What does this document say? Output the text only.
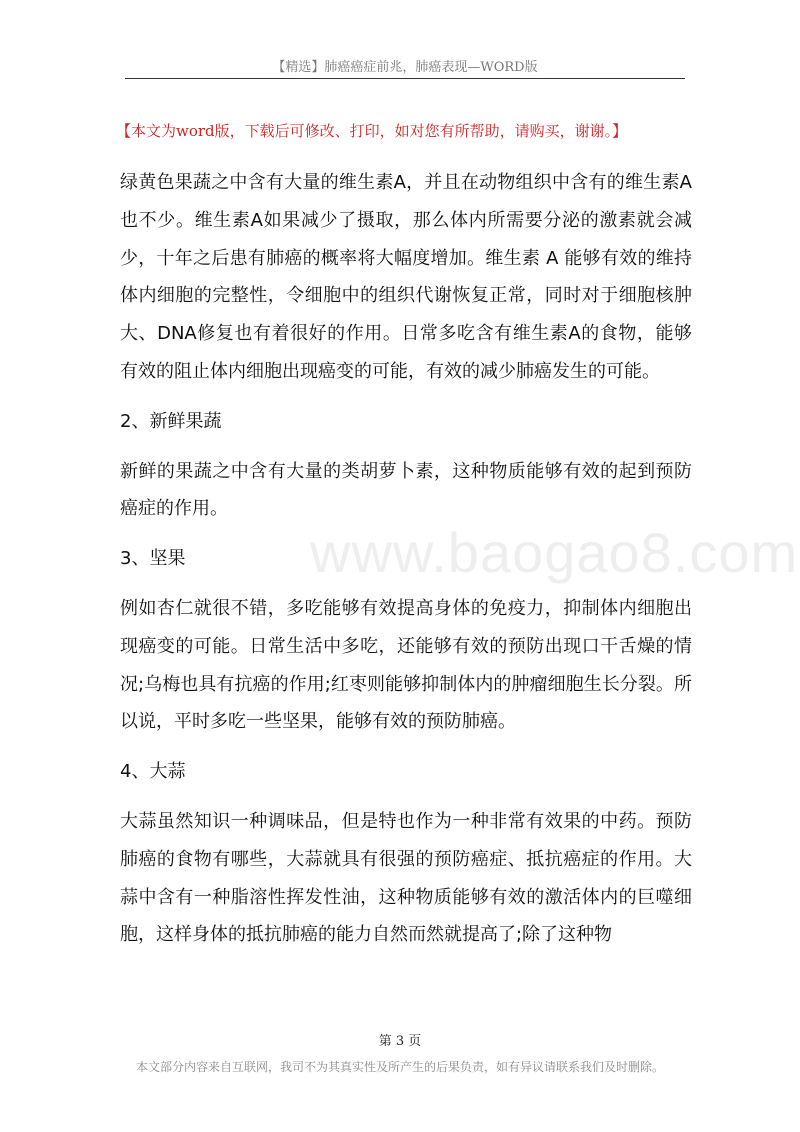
【精选】肺癌癌症前兆，肺癌表现—WORD版
【本文为word版，下载后可修改、打印，如对您有所帮助，请购买，谢谢。】

绿黄色果蔬之中含有大量的维生素A，并且在动物组织中含有的维生素A也不少。维生素A如果减少了摄取，那么体内所需要分泌的激素就会减少，十年之后患有肺癌的概率将大幅度增加。维生素 A 能够有效的维持体内细胞的完整性，令细胞中的组织代谢恢复正常，同时对于细胞核肿大、DNA修复也有着很好的作用。日常多吃含有维生素A的食物，能够有效的阻止体内细胞出现癌变的可能，有效的减少肺癌发生的可能。

2、新鲜果蔬

新鲜的果蔬之中含有大量的类胡萝卜素，这种物质能够有效的起到预防癌症的作用。

3、坚果

例如杏仁就很不错，多吃能够有效提高身体的免疫力，抑制体内细胞出现癌变的可能。日常生活中多吃，还能够有效的预防出现口干舌燥的情况;乌梅也具有抗癌的作用;红枣则能够抑制体内的肿瘤细胞生长分裂。所以说，平时多吃一些坚果，能够有效的预防肺癌。

4、大蒜

大蒜虽然知识一种调味品，但是特也作为一种非常有效果的中药。预防肺癌的食物有哪些，大蒜就具有很强的预防癌症、抵抗癌症的作用。大蒜中含有一种脂溶性挥发性油，这种物质能够有效的激活体内的巨噬细胞，这样身体的抵抗肺癌的能力自然而然就提高了;除了这种物

www.baogao8.com
第 3 页
本文部分内容来自互联网，我司不为其真实性及所产生的后果负责，如有异议请联系我们及时删除。
